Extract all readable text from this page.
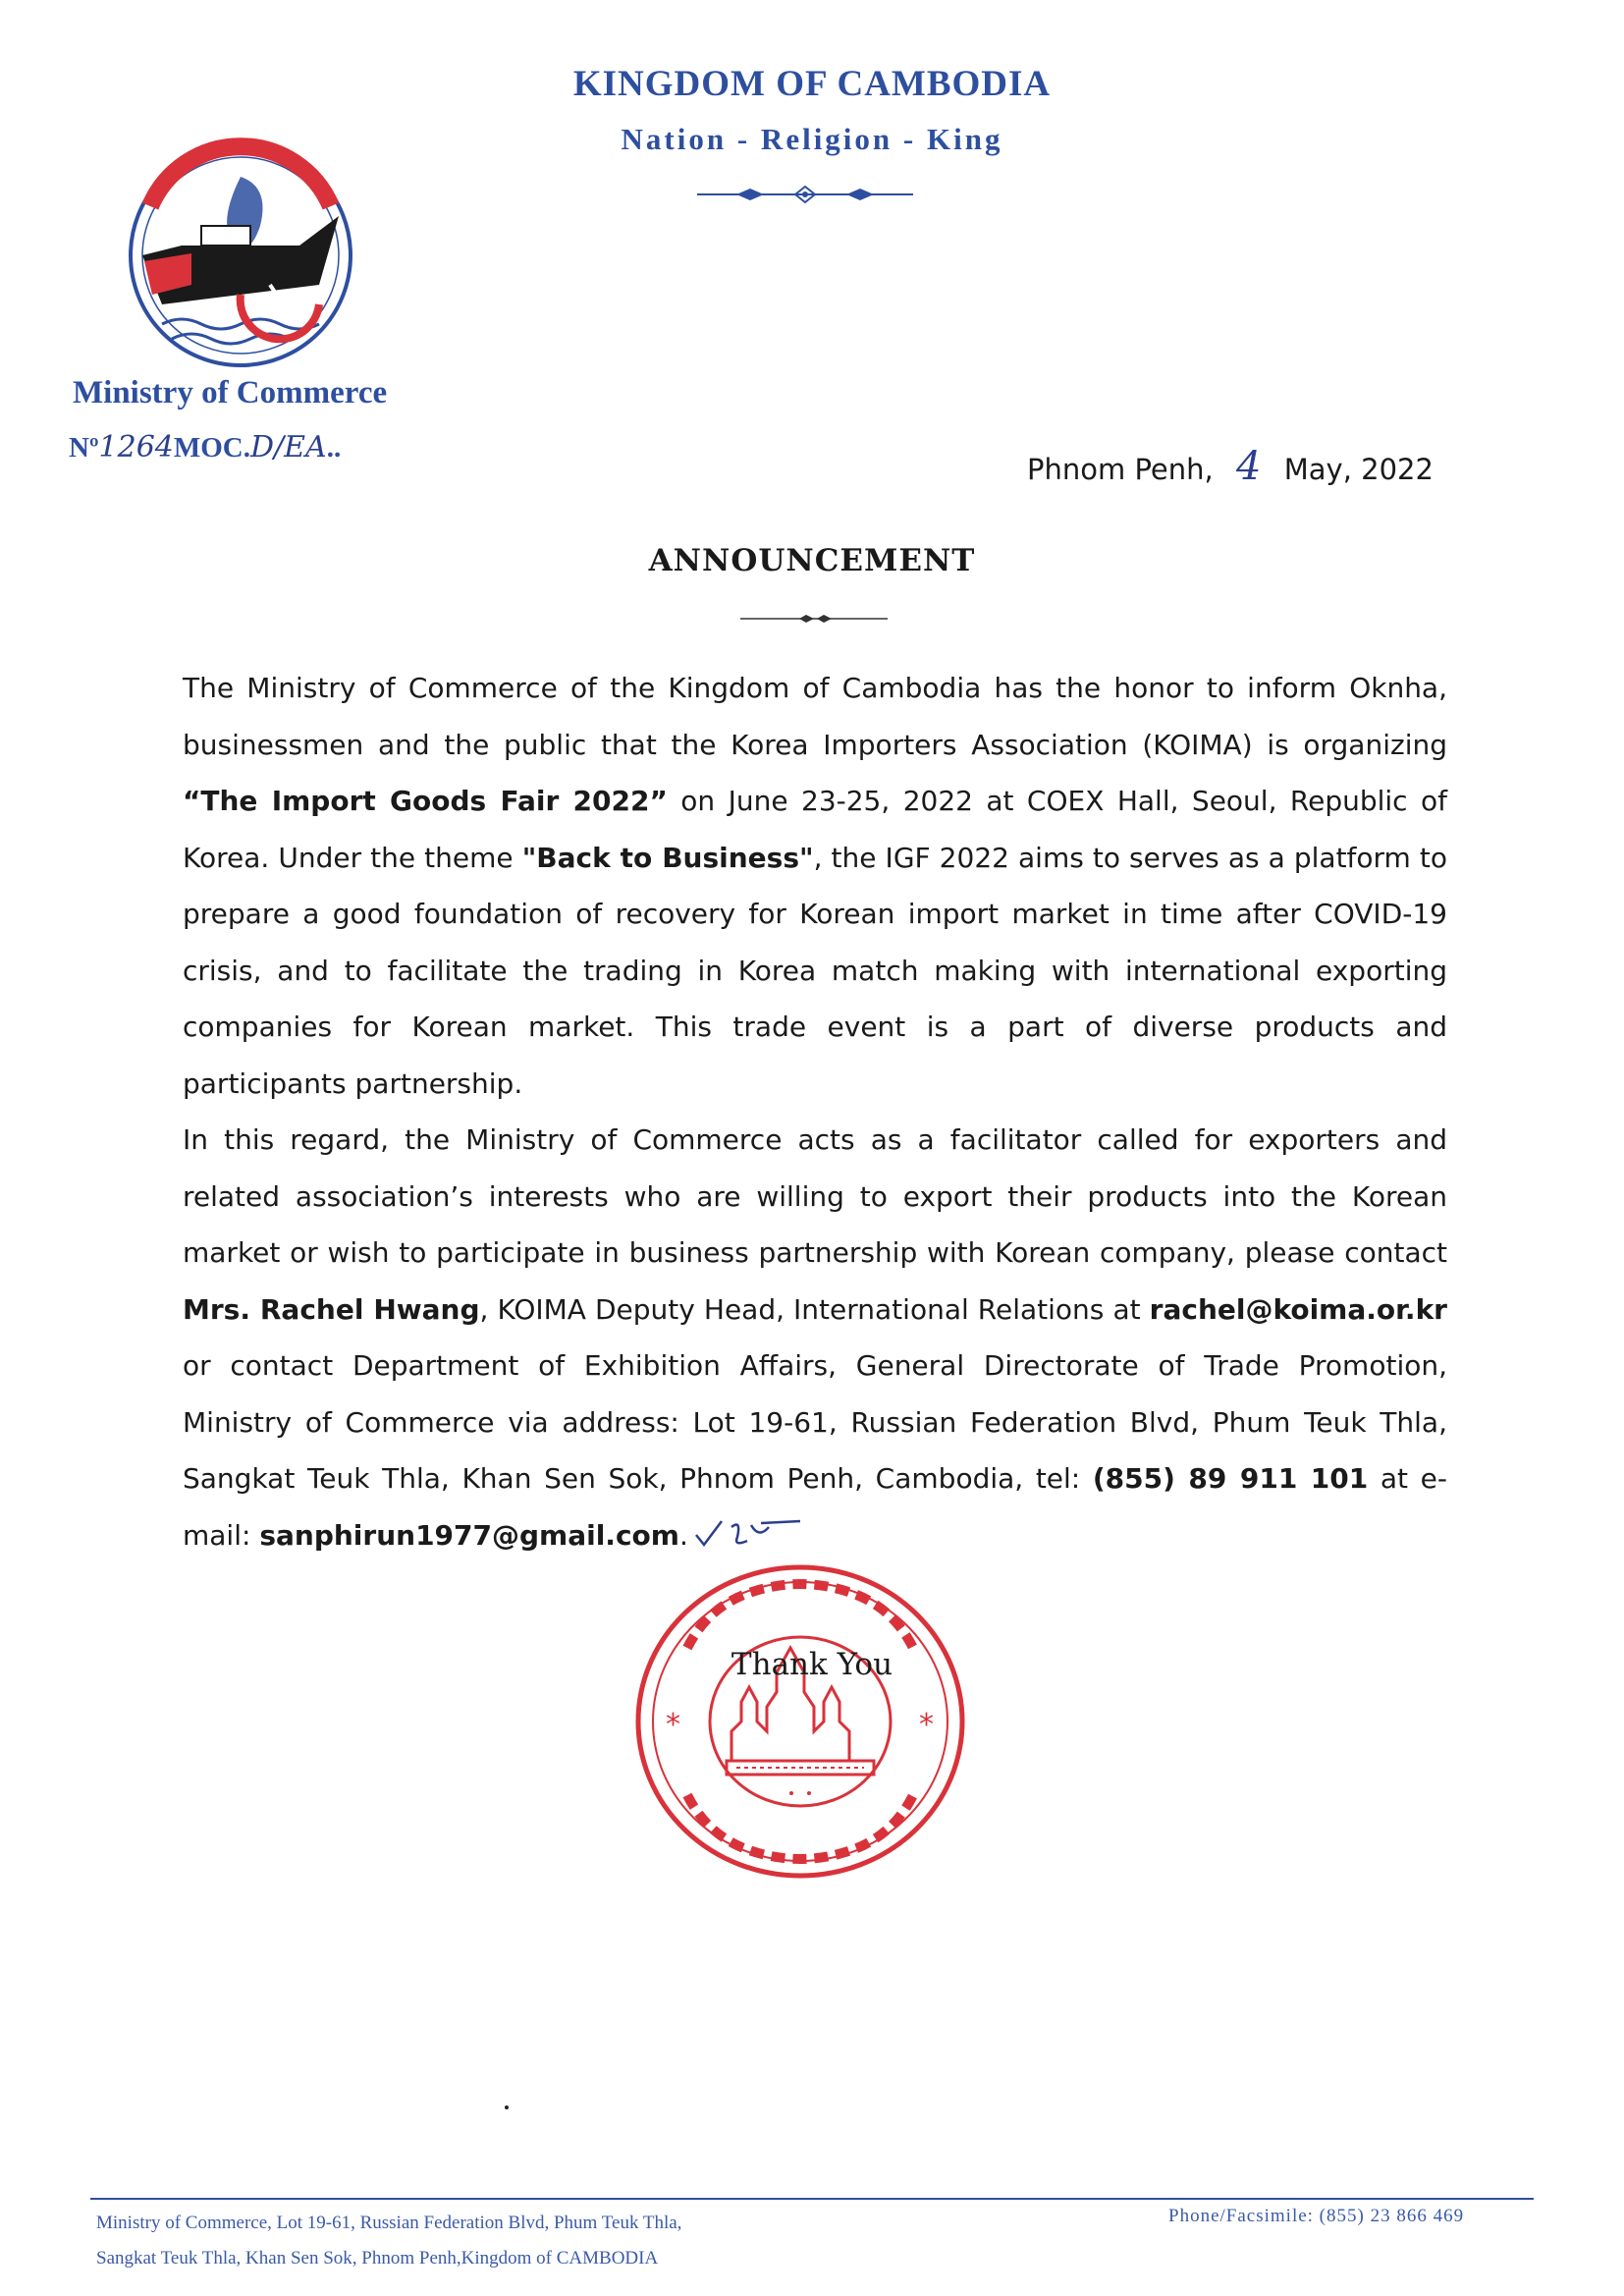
KINGDOM OF CAMBODIA
Nation - Religion - King
Ministry of Commerce
Nº1264MOC.D/EA..
Phnom Penh, 4 May, 2022
ANNOUNCEMENT
The Ministry of Commerce of the Kingdom of Cambodia has the honor to inform Oknha, businessmen and the public that the Korea Importers Association (KOIMA) is organizing “The Import Goods Fair 2022” on June 23-25, 2022 at COEX Hall, Seoul, Republic of Korea. Under the theme "Back to Business", the IGF 2022 aims to serves as a platform to prepare a good foundation of recovery for Korean import market in time after COVID-19 crisis, and to facilitate the trading in Korea match making with international exporting companies for Korean market. This trade event is a part of diverse products and participants partnership.
In this regard, the Ministry of Commerce acts as a facilitator called for exporters and related association’s interests who are willing to export their products into the Korean market or wish to participate in business partnership with Korean company, please contact Mrs. Rachel Hwang, KOIMA Deputy Head, International Relations at rachel@koima.or.kr or contact Department of Exhibition Affairs, General Directorate of Trade Promotion, Ministry of Commerce via address: Lot 19-61, Russian Federation Blvd, Phum Teuk Thla, Sangkat Teuk Thla, Khan Sen Sok, Phnom Penh, Cambodia, tel: (855) 89 911 101 at e-mail: sanphirun1977@gmail.com.
*	*
Thank You
Ministry of Commerce, Lot 19-61, Russian Federation Blvd, Phum Teuk Thla,
Sangkat Teuk Thla, Khan Sen Sok, Phnom Penh,Kingdom of CAMBODIA
Phone/Facsimile: (855) 23 866 469
